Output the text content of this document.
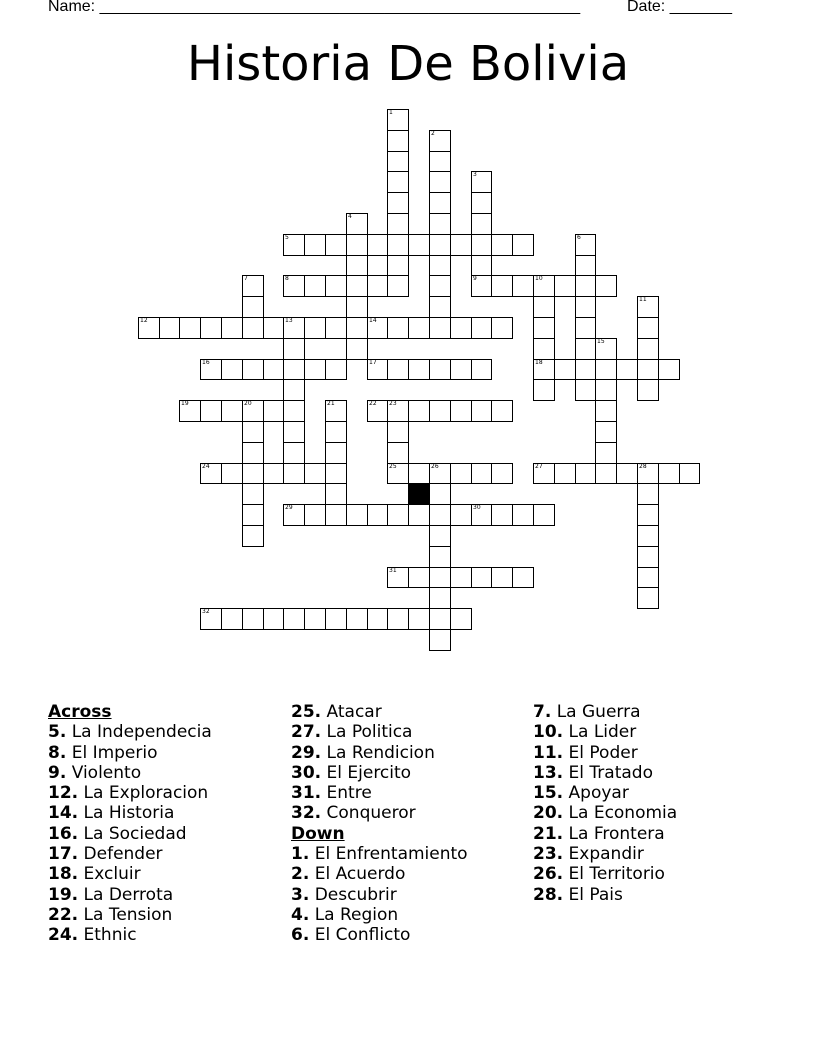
Name: ______________________________________________________	Date: _______
Historia De Bolivia
1
2
3
4
5	6
7	8	9	10
18
11
12	13	14
15
16	17
19	20	21	22 23
24	25	26	27	28
29	30
31
32
Across
5. La Independecia
8. El Imperio
9. Violento
12. La Exploracion
14. La Historia
16. La Sociedad
17. Defender
18. Excluir
19. La Derrota
22. La Tension
24. Ethnic
25. Atacar
27. La Politica
29. La Rendicion
30. El Ejercito
31. Entre
32. Conqueror
Down
1. El Enfrentamiento
2. El Acuerdo
3. Descubrir
4. La Region
6. El Conflicto
7. La Guerra
10. La Lider
11. El Poder
13. El Tratado
15. Apoyar
20. La Economia
21. La Frontera
23. Expandir
26. El Territorio
28. El Pais
